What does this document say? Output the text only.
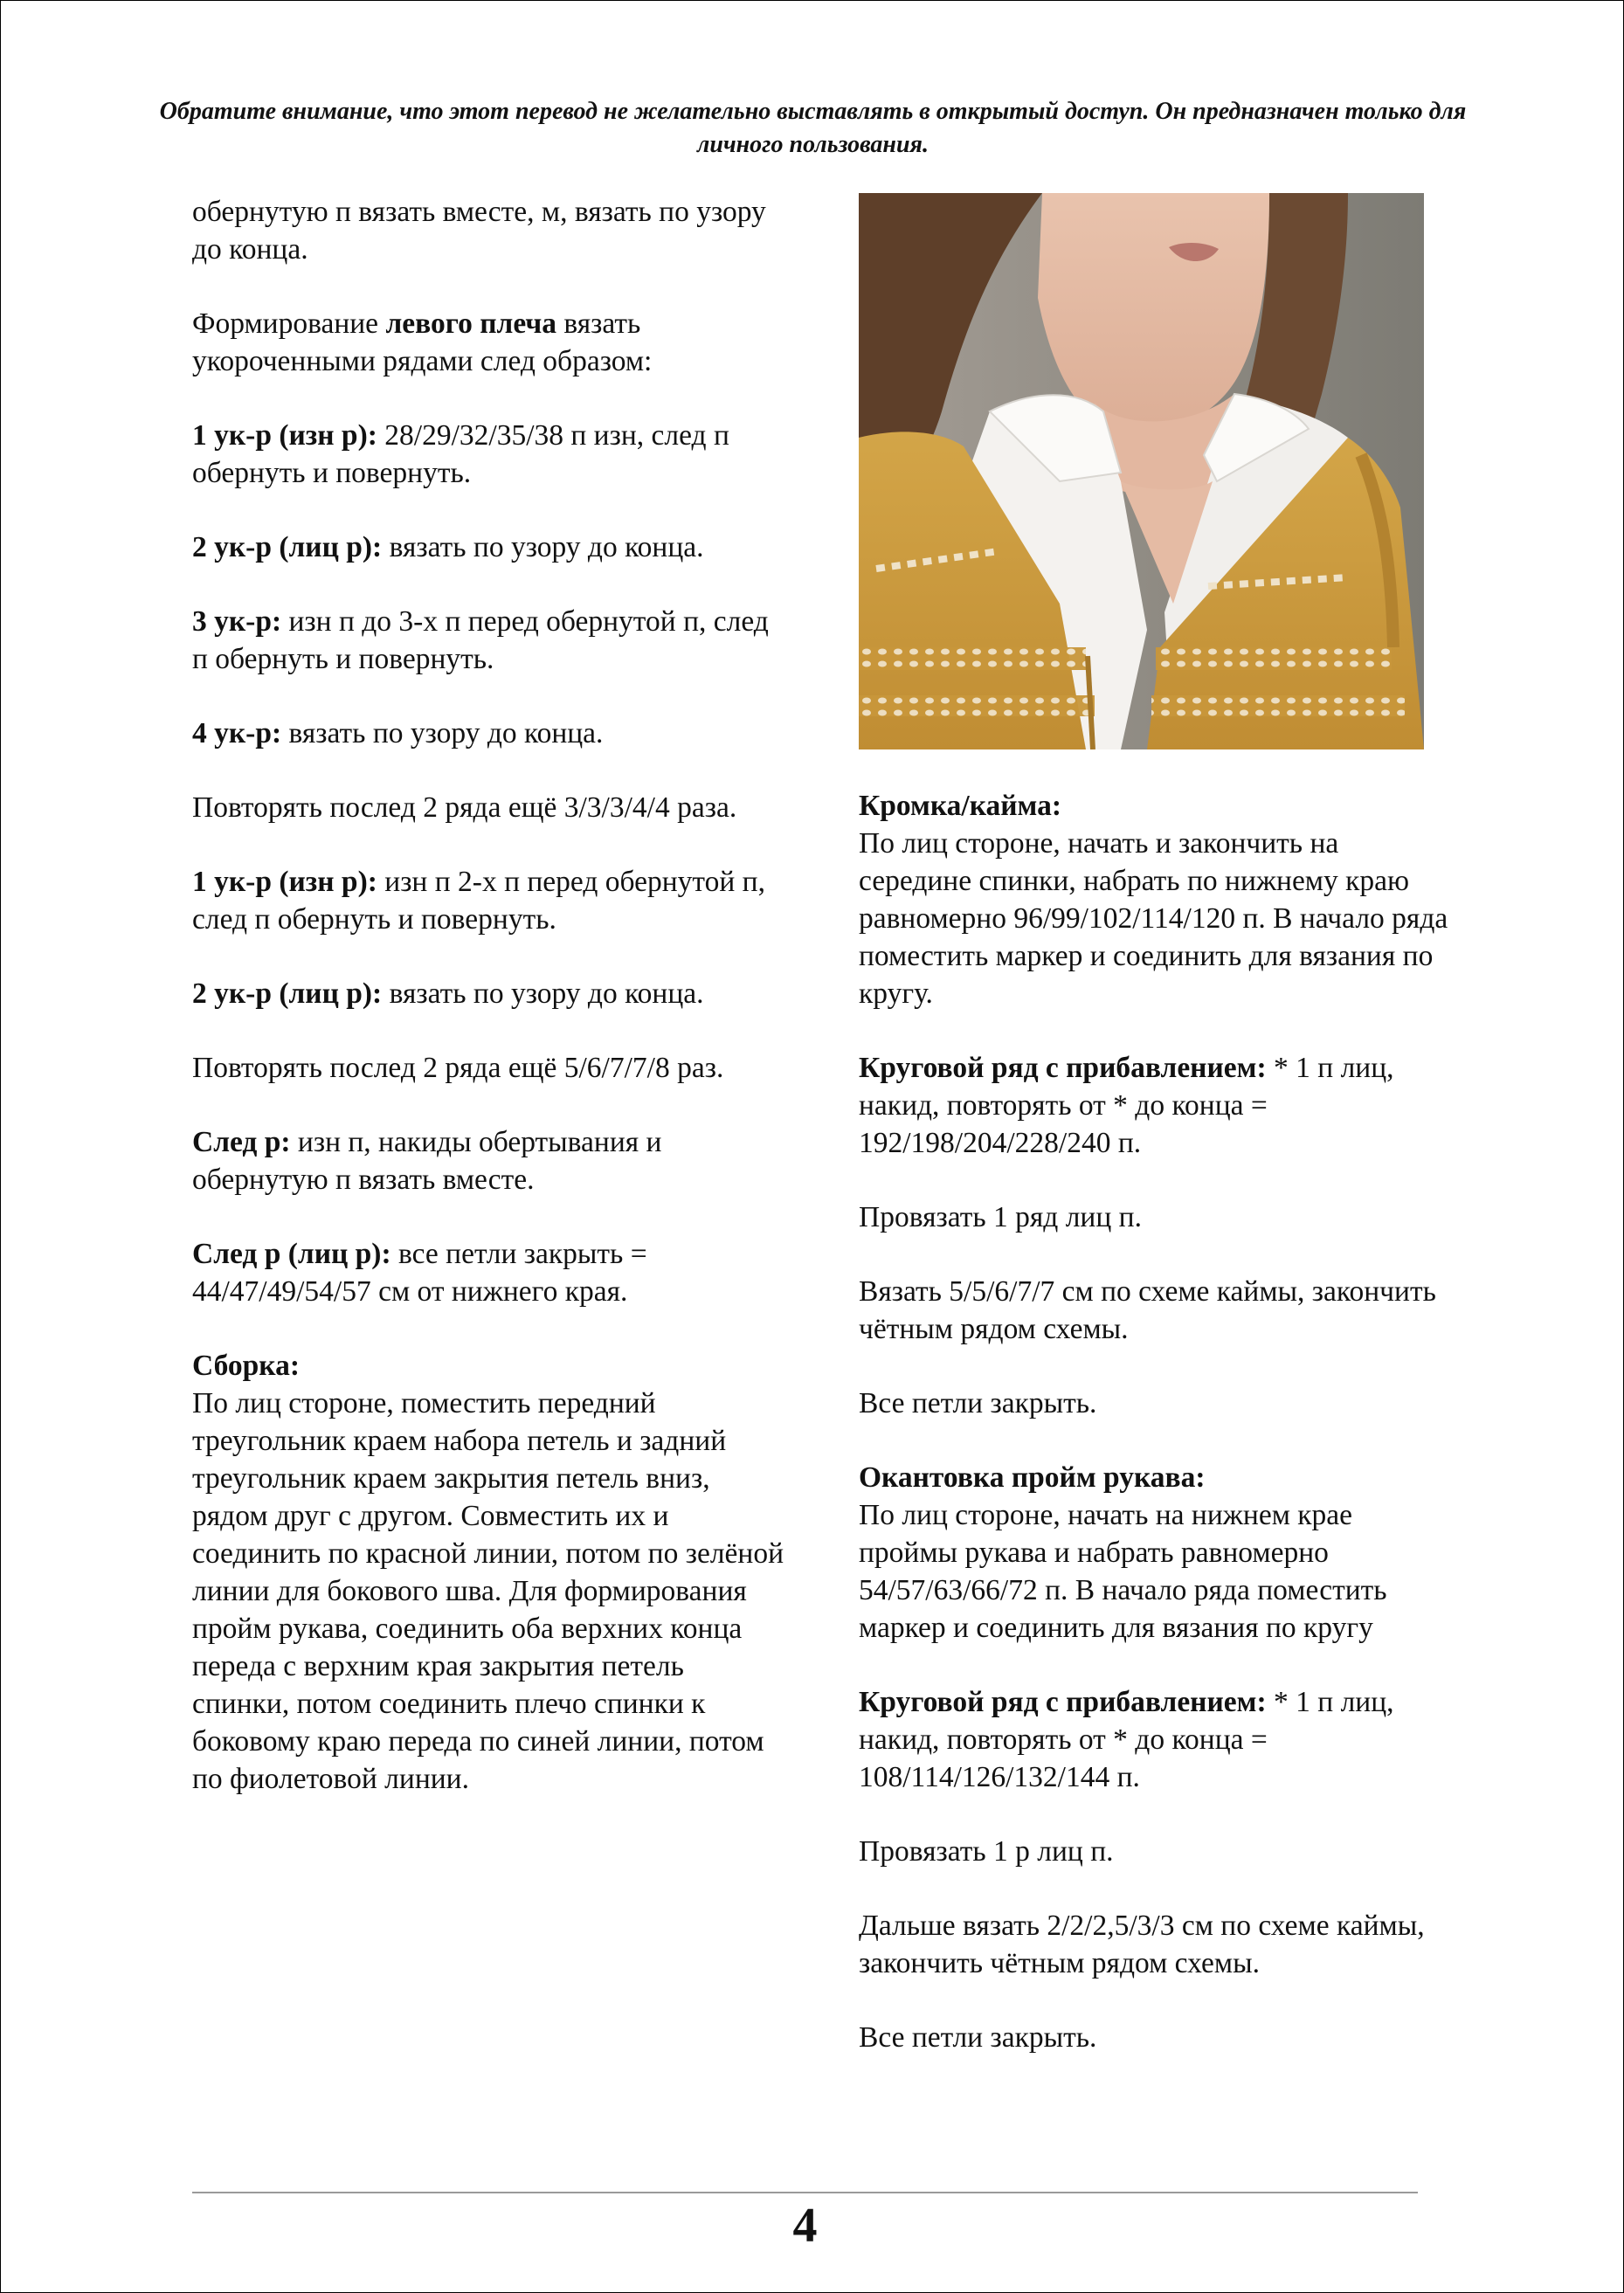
Обратите внимание, что этот перевод не желательно выставлять в открытый доступ. Он предназначен только для личного пользования.

обернутую п вязать вместе, м, вязать по узору до конца.

Формирование левого плеча вязать укороченными рядами след образом:

1 ук-р (изн р): 28/29/32/35/38 п изн, след п обернуть и повернуть.

2 ук-р (лиц р): вязать по узору до конца.

3 ук-р: изн п до 3-х п перед обернутой п, след п обернуть и повернуть.

4 ук-р: вязать по узору до конца.

Повторять послед 2 ряда ещё 3/3/3/4/4 раза.

1 ук-р (изн р): изн п 2-х п перед обернутой п, след п обернуть и повернуть.

2 ук-р (лиц р): вязать по узору до конца.

Повторять послед 2 ряда ещё 5/6/7/7/8 раз.

След р: изн п, накиды обертывания и обернутую п вязать вместе.

След р (лиц р): все петли закрыть = 44/47/49/54/57 см от нижнего края.

Сборка:
По лиц стороне, поместить передний треугольник краем набора петель и задний треугольник краем закрытия петель вниз, рядом друг с другом. Совместить их и соединить по красной линии, потом по зелёной линии для бокового шва. Для формирования пройм рукава, соединить оба верхних конца переда с верхним края закрытия петель спинки, потом соединить плечо спинки к боковому краю переда по синей линии, потом по фиолетовой линии.

Кромка/кайма:
По лиц стороне, начать и закончить на середине спинки, набрать по нижнему краю равномерно 96/99/102/114/120 п. В начало ряда поместить маркер и соединить для вязания по кругу.

Круговой ряд с прибавлением: * 1 п лиц, накид, повторять от * до конца = 192/198/204/228/240 п.

Провязать 1 ряд лиц п.

Вязать 5/5/6/7/7 см по схеме каймы, закончить чётным рядом схемы.

Все петли закрыть.

Окантовка пройм рукава:
По лиц стороне, начать на нижнем крае проймы рукава и набрать равномерно 54/57/63/66/72 п. В начало ряда поместить маркер и соединить для вязания по кругу

Круговой ряд с прибавлением: * 1 п лиц, накид, повторять от * до конца = 108/114/126/132/144 п.

Провязать 1 р лиц п.

Дальше вязать 2/2/2,5/3/3 см по схеме каймы, закончить чётным рядом схемы.

Все петли закрыть.

4
